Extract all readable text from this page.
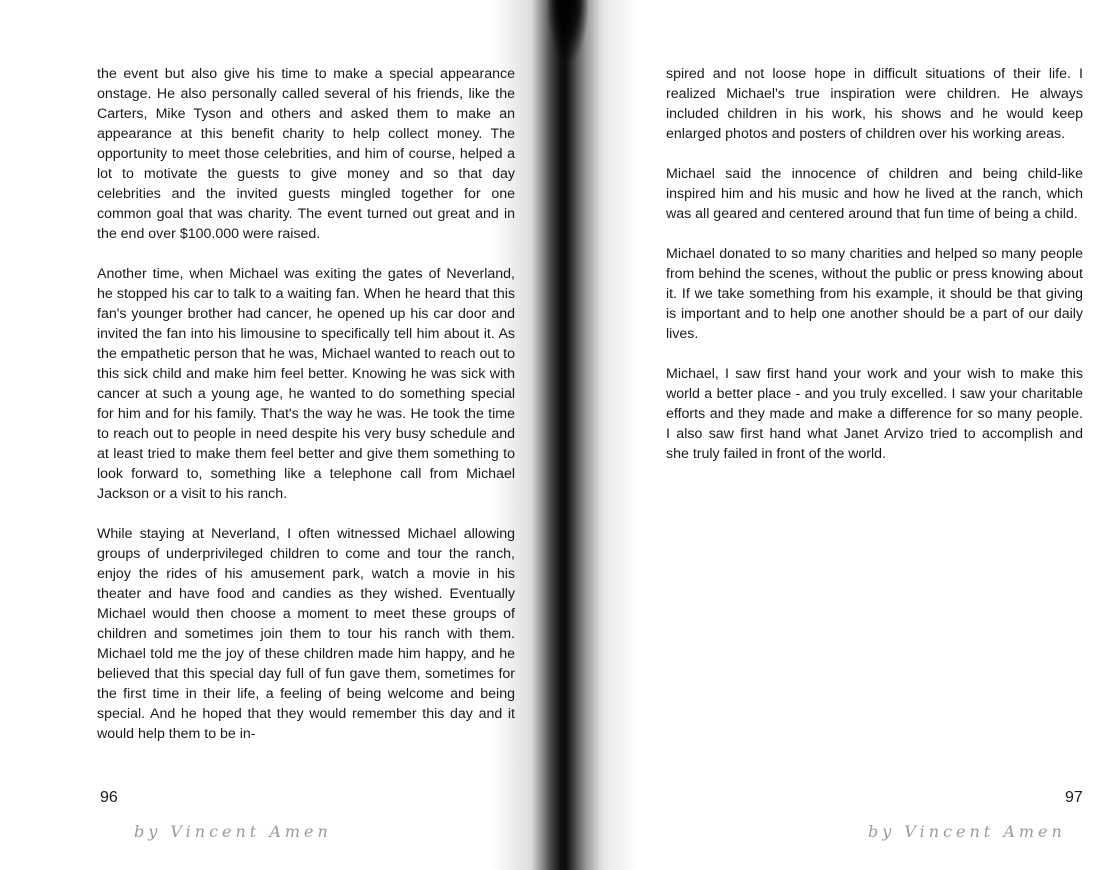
the event but also give his time to make a special appearance onstage. He also personally called several of his friends, like the Carters, Mike Tyson and others and asked them to make an appearance at this benefit charity to help collect money. The opportunity to meet those celebrities, and him of course, helped a lot to motivate the guests to give money and so that day celebrities and the invited guests mingled together for one common goal that was charity. The event turned out great and in the end over $100.000 were raised.

Another time, when Michael was exiting the gates of Neverland, he stopped his car to talk to a waiting fan. When he heard that this fan's younger brother had cancer, he opened up his car door and invited the fan into his limousine to specifically tell him about it. As the empathetic person that he was, Michael wanted to reach out to this sick child and make him feel better. Knowing he was sick with cancer at such a young age, he wanted to do something special for him and for his family. That's the way he was. He took the time to reach out to people in need despite his very busy schedule and at least tried to make them feel better and give them something to look forward to, something like a telephone call from Michael Jackson or a visit to his ranch.

While staying at Neverland, I often witnessed Michael allowing groups of underprivileged children to come and tour the ranch, enjoy the rides of his amusement park, watch a movie in his theater and have food and candies as they wished. Eventually Michael would then choose a moment to meet these groups of children and sometimes join them to tour his ranch with them. Michael told me the joy of these children made him happy, and he believed that this special day full of fun gave them, sometimes for the first time in their life, a feeling of being welcome and being special. And he hoped that they would remember this day and it would help them to be in-

96
by Vincent Amen

spired and not loose hope in difficult situations of their life. I realized Michael's true inspiration were children. He always included children in his work, his shows and he would keep enlarged photos and posters of children over his working areas.

Michael said the innocence of children and being child-like inspired him and his music and how he lived at the ranch, which was all geared and centered around that fun time of being a child.

Michael donated to so many charities and helped so many people from behind the scenes, without the public or press knowing about it. If we take something from his example, it should be that giving is important and to help one another should be a part of our daily lives.

Michael, I saw first hand your work and your wish to make this world a better place - and you truly excelled. I saw your charitable efforts and they made and make a difference for so many people. I also saw first hand what Janet Arvizo tried to accomplish and she truly failed in front of the world.

97
by Vincent Amen
